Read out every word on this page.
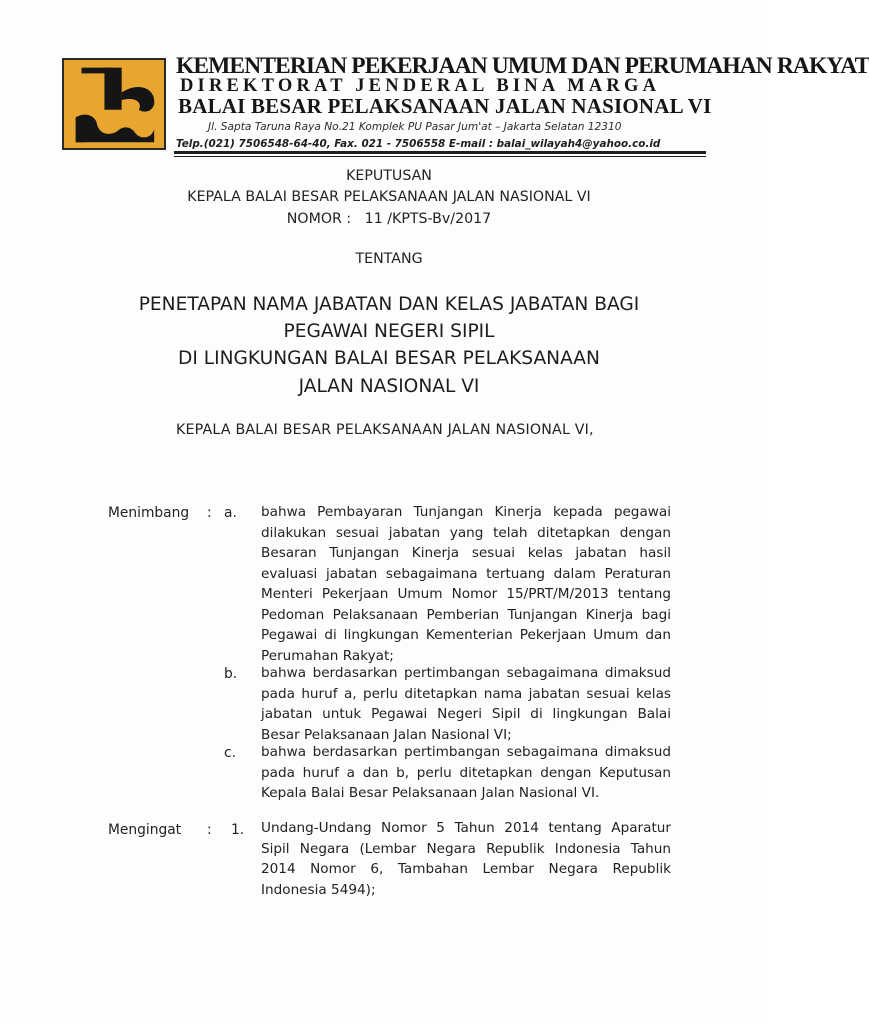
KEMENTERIAN PEKERJAAN UMUM DAN PERUMAHAN RAKYAT
DIREKTORAT JENDERAL BINA MARGA
BALAI BESAR PELAKSANAAN JALAN NASIONAL VI
Jl. Sapta Taruna Raya No.21 Komplek PU Pasar Jum'at – Jakarta Selatan 12310
Telp.(021) 7506548-64-40, Fax. 021 - 7506558 E-mail : balai_wilayah4@yahoo.co.id
KEPUTUSAN
KEPALA BALAI BESAR PELAKSANAAN JALAN NASIONAL VI
NOMOR : 11 /KPTS-Bv/2017
TENTANG
PENETAPAN NAMA JABATAN DAN KELAS JABATAN BAGI
PEGAWAI NEGERI SIPIL
DI LINGKUNGAN BALAI BESAR PELAKSANAAN
JALAN NASIONAL VI
KEPALA BALAI BESAR PELAKSANAAN JALAN NASIONAL VI,
Menimbang : a.	bahwa Pembayaran Tunjangan Kinerja kepada pegawai dilakukan sesuai jabatan yang telah ditetapkan dengan Besaran Tunjangan Kinerja sesuai kelas jabatan hasil evaluasi jabatan sebagaimana tertuang dalam Peraturan Menteri Pekerjaan Umum Nomor 15/PRT/M/2013 tentang Pedoman Pelaksanaan Pemberian Tunjangan Kinerja bagi Pegawai di lingkungan Kementerian Pekerjaan Umum dan Perumahan Rakyat;
b.	bahwa berdasarkan pertimbangan sebagaimana dimaksud pada huruf a, perlu ditetapkan nama jabatan sesuai kelas jabatan untuk Pegawai Negeri Sipil di lingkungan Balai Besar Pelaksanaan Jalan Nasional VI;
c.	bahwa berdasarkan pertimbangan sebagaimana dimaksud pada huruf a dan b, perlu ditetapkan dengan Keputusan Kepala Balai Besar Pelaksanaan Jalan Nasional VI.
Mengingat : 1.	Undang-Undang Nomor 5 Tahun 2014 tentang Aparatur Sipil Negara (Lembar Negara Republik Indonesia Tahun 2014 Nomor 6, Tambahan Lembar Negara Republik Indonesia 5494);
